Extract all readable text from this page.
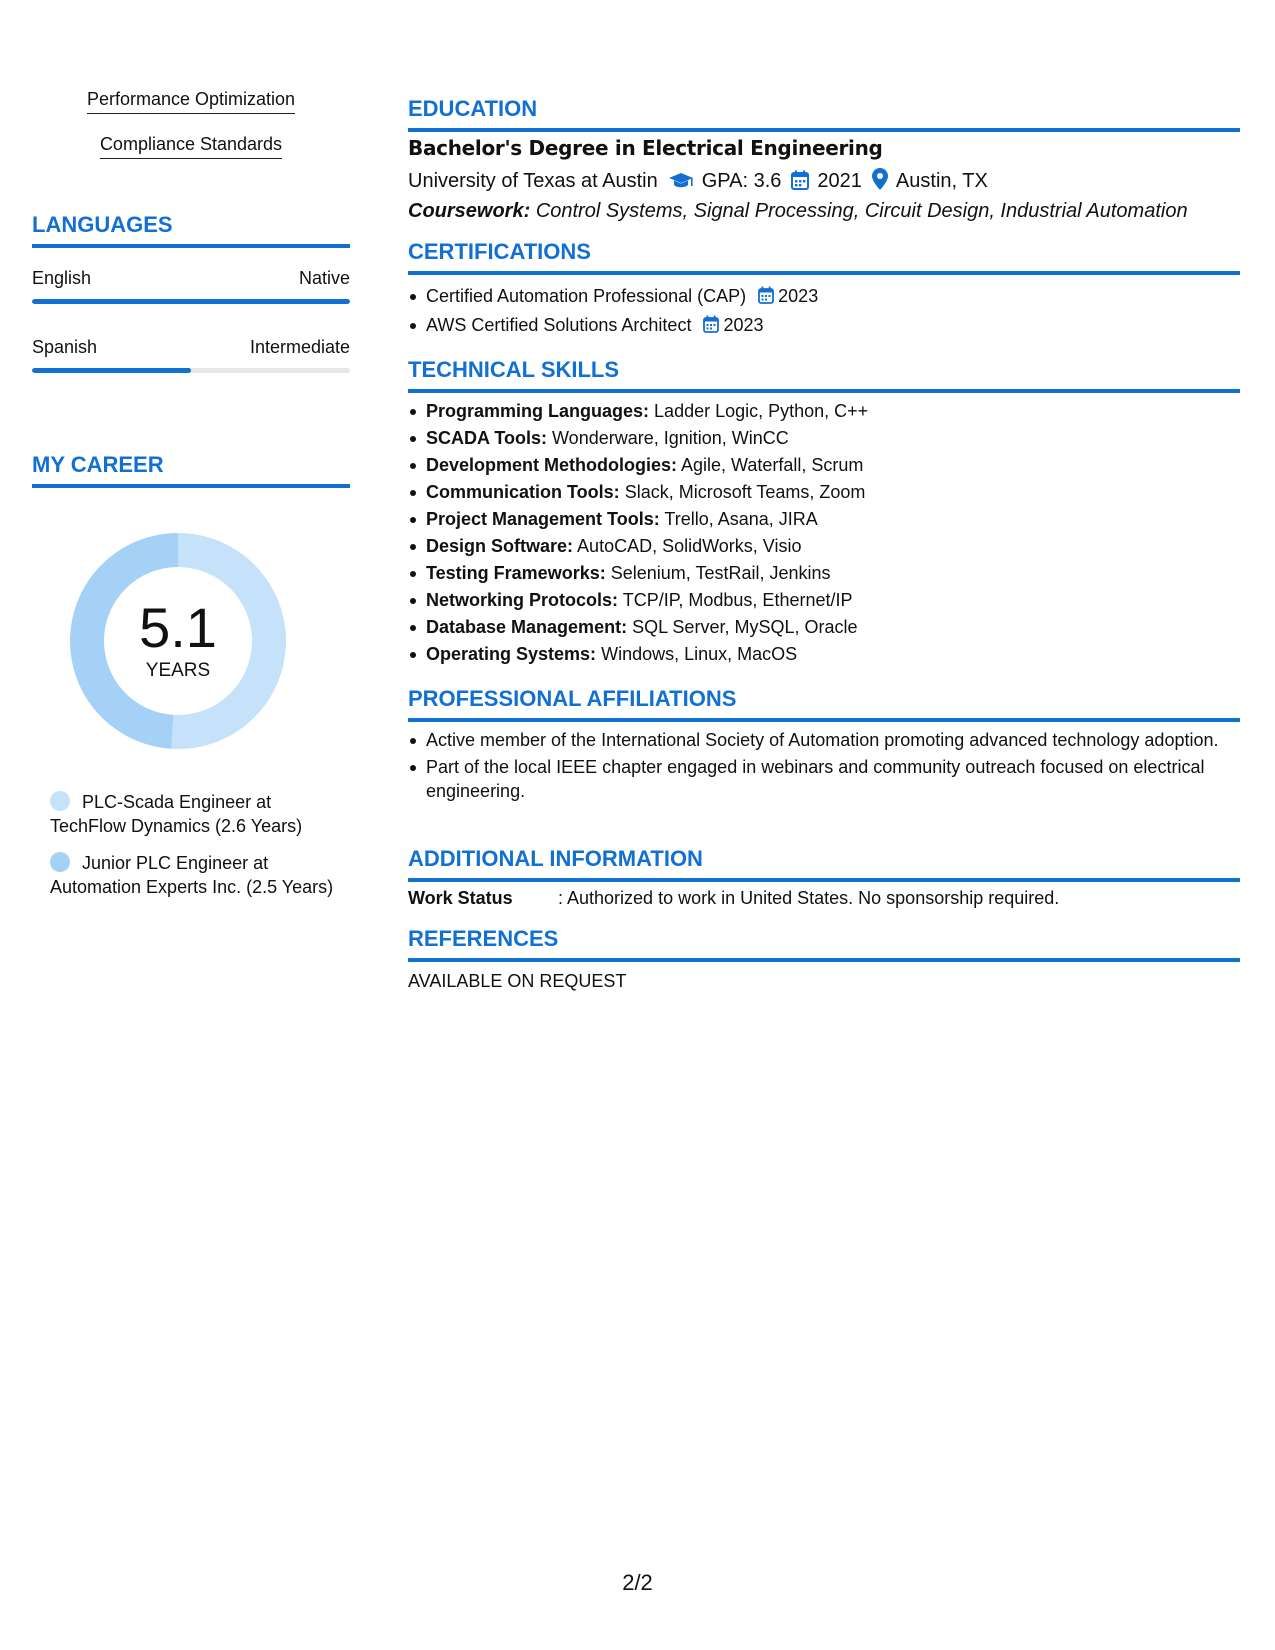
Performance Optimization
Compliance Standards
LANGUAGES
English	Native
Spanish	Intermediate
MY CAREER
5.1
YEARS
PLC-Scada Engineer at TechFlow Dynamics (2.6 Years)
Junior PLC Engineer at Automation Experts Inc. (2.5 Years)
EDUCATION
Bachelor's Degree in Electrical Engineering
University of Texas at Austin GPA: 3.6 2021 Austin, TX
Coursework: Control Systems, Signal Processing, Circuit Design, Industrial Automation
CERTIFICATIONS
Certified Automation Professional (CAP) 2023
AWS Certified Solutions Architect 2023
TECHNICAL SKILLS
Programming Languages: Ladder Logic, Python, C++
SCADA Tools: Wonderware, Ignition, WinCC
Development Methodologies: Agile, Waterfall, Scrum
Communication Tools: Slack, Microsoft Teams, Zoom
Project Management Tools: Trello, Asana, JIRA
Design Software: AutoCAD, SolidWorks, Visio
Testing Frameworks: Selenium, TestRail, Jenkins
Networking Protocols: TCP/IP, Modbus, Ethernet/IP
Database Management: SQL Server, MySQL, Oracle
Operating Systems: Windows, Linux, MacOS
PROFESSIONAL AFFILIATIONS
Active member of the International Society of Automation promoting advanced technology adoption.
Part of the local IEEE chapter engaged in webinars and community outreach focused on electrical engineering.
ADDITIONAL INFORMATION
Work Status	: Authorized to work in United States. No sponsorship required.
REFERENCES
AVAILABLE ON REQUEST
2/2
